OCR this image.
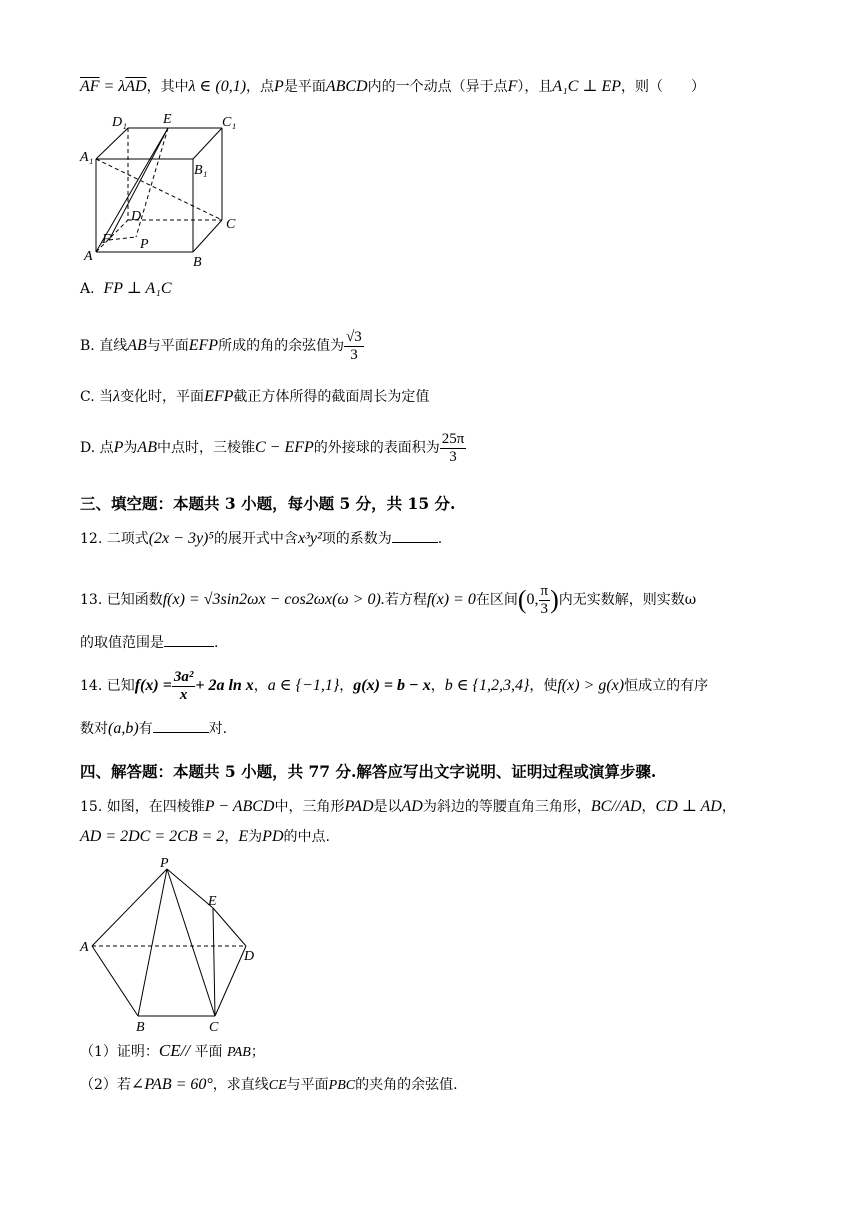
$\overline{AF} = \lambda\overline{AD}$，其中λ ∈ (0,1)，点P是平面ABCD内的一个动点（异于点F），且A₁C ⊥ EP，则（　　）
D₁	E	C₁
A₁
B₁
D
C
F P
A	B
A. FP ⊥ A₁C
B. 直线AB与平面EFP所成的角的余弦值为 $\frac{√3}{3}$
C. 当λ变化时，平面EFP截正方体所得的截面周长为定值
D. 点P为AB中点时，三棱锥C − EFP的外接球的表面积为 $\frac{25\pi}{3}$
三、填空题：本题共 3 小题，每小题 5 分，共 15 分.
12. 二项式(2x − 3y)⁵的展开式中含x³y²项的系数为	.
13. 已知函数f(x) = √3sin2ωx − cos2ωx(ω > 0).若方程f(x) = 0在区间(0, $\frac{\pi}{3}$ )内无实数解，则实数ω
的取值范围是	.
14. 已知$f(x) = \frac{\text{3a²}}{x} + 2a$ ln x，a ∈ {−1,1}，g(x) = b − x，b ∈ {1,2,3,4}，使f(x) > g(x)恒成立的有序
数对(a,b)有	对.
四、解答题：本题共 5 小题，共 77 分.解答应写出文字说明、证明过程或演算步骤.
15. 如图，在四棱锥P − ABCD中，三角形PAD是以AD为斜边的等腰直角三角形，BC//AD，CD ⊥ AD，
AD = 2DC = 2CB = 2，E为PD的中点.
P
E
A
D
B	C
（1）证明：CE// 平面 PAB；
（2）若∠PAB = 60°，求直线CE与平面PBC的夹角的余弦值.
